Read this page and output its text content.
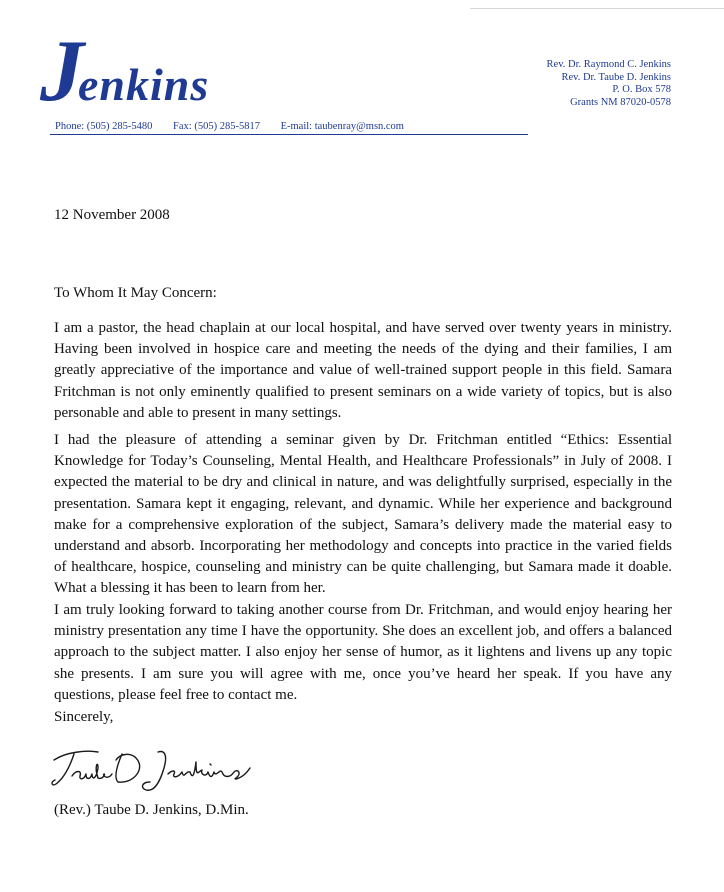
Jenkins
Phone: (505) 285-5480 Fax: (505) 285-5817 E-mail: taubenray@msn.com
Rev. Dr. Raymond C. Jenkins
Rev. Dr. Taube D. Jenkins
P. O. Box 578
Grants NM 87020-0578
12 November 2008
To Whom It May Concern:

I am a pastor, the head chaplain at our local hospital, and have served over twenty years in ministry. Having been involved in hospice care and meeting the needs of the dying and their families, I am greatly appreciative of the importance and value of well-trained support people in this field. Samara Fritchman is not only eminently qualified to present seminars on a wide variety of topics, but is also personable and able to present in many settings.

I had the pleasure of attending a seminar given by Dr. Fritchman entitled “Ethics: Essential Knowledge for Today’s Counseling, Mental Health, and Healthcare Professionals” in July of 2008. I expected the material to be dry and clinical in nature, and was delightfully surprised, especially in the presentation. Samara kept it engaging, relevant, and dynamic. While her experience and background make for a comprehensive exploration of the subject, Samara’s delivery made the material easy to understand and absorb. Incorporating her methodology and concepts into practice in the varied fields of healthcare, hospice, counseling and ministry can be quite challenging, but Samara made it doable. What a blessing it has been to learn from her.

I am truly looking forward to taking another course from Dr. Fritchman, and would enjoy hearing her ministry presentation any time I have the opportunity. She does an excellent job, and offers a balanced approach to the subject matter. I also enjoy her sense of humor, as it lightens and livens up any topic she presents. I am sure you will agree with me, once you’ve heard her speak. If you have any questions, please feel free to contact me.

Sincerely,
(Rev.) Taube D. Jenkins, D.Min.
